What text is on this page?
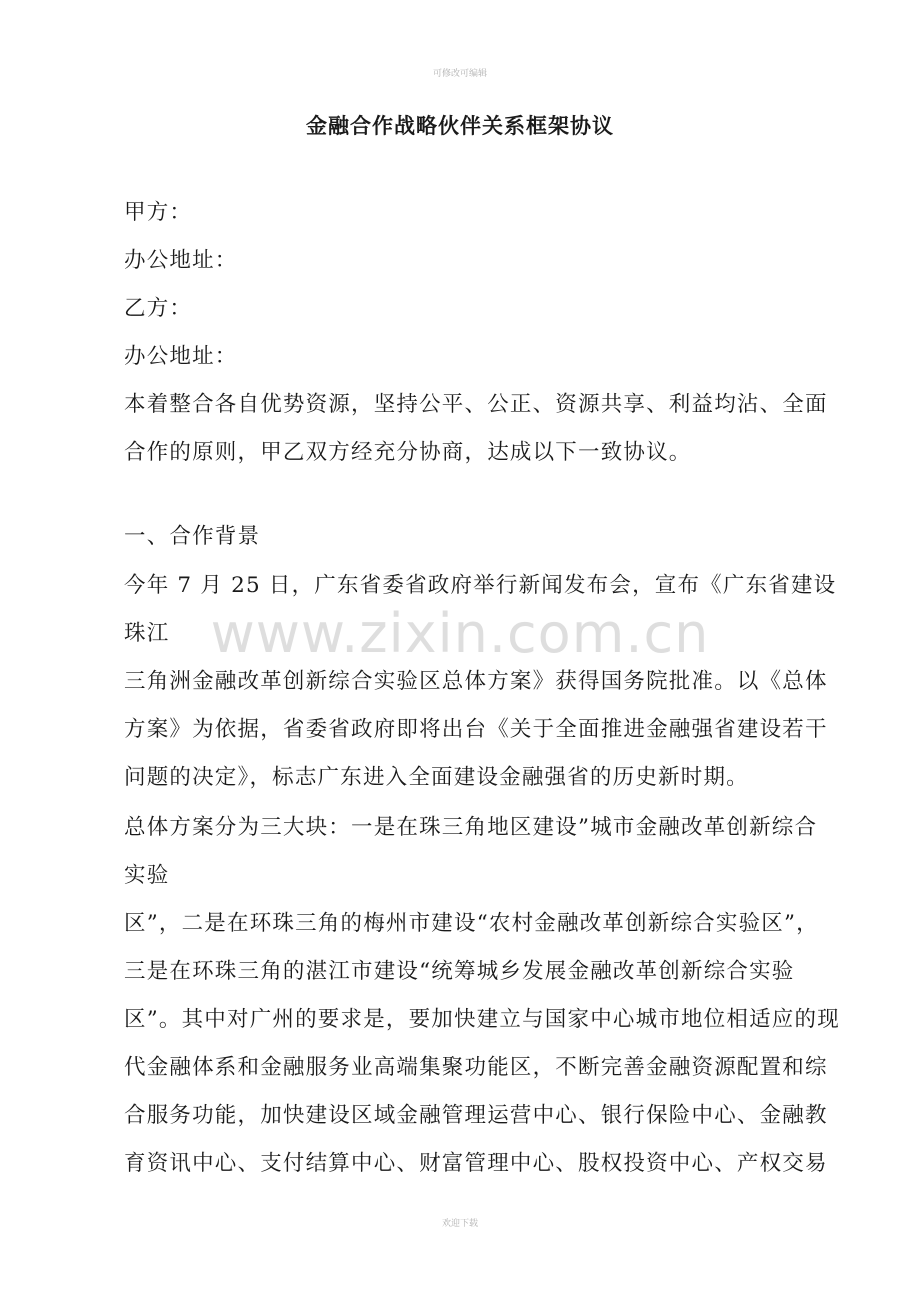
可修改可编辑
金融合作战略伙伴关系框架协议
甲方：
办公地址：
乙方：
办公地址：
本着整合各自优势资源，坚持公平、公正、资源共享、利益均沾、全面
合作的原则，甲乙双方经充分协商，达成以下一致协议。
一、合作背景
今年 7 月 25 日，广东省委省政府举行新闻发布会，宣布《广东省建设
珠江
三角洲金融改革创新综合实验区总体方案》获得国务院批准。以《总体
方案》为依据，省委省政府即将出台《关于全面推进金融强省建设若干
问题的决定》，标志广东进入全面建设金融强省的历史新时期。
总体方案分为三大块：一是在珠三角地区建设”城市金融改革创新综合
实验
区”，二是在环珠三角的梅州市建设“农村金融改革创新综合实验区”，
三是在环珠三角的湛江市建设“统筹城乡发展金融改革创新综合实验
区”。其中对广州的要求是，要加快建立与国家中心城市地位相适应的现
代金融体系和金融服务业高端集聚功能区，不断完善金融资源配置和综
合服务功能，加快建设区域金融管理运营中心、银行保险中心、金融教
育资讯中心、支付结算中心、财富管理中心、股权投资中心、产权交易
www.zixin.com.cn
欢迎下载
